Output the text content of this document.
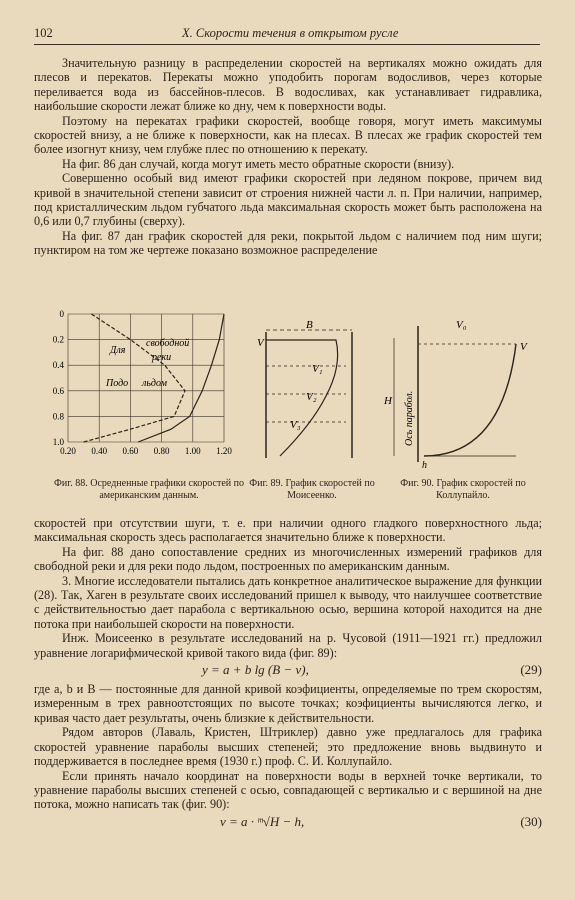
102	X. Скорости течения в открытом русле

Значительную разницу в распределении скоростей на вертикалях можно ожидать для плесов и перекатов. Перекаты можно уподобить порогам водосливов, через которые переливается вода из бассейнов-плесов. В водосливах, как устанавливает гидравлика, наибольшие скорости лежат ближе ко дну, чем к поверхности воды.

Поэтому на перекатах графики скоростей, вообще говоря, могут иметь максимумы скоростей внизу, а не ближе к поверхности, как на плесах. В плесах же график скоростей тем более изогнут книзу, чем глубже плес по отношению к перекату.

На фиг. 86 дан случай, когда могут иметь место обратные скорости (внизу).

Совершенно особый вид имеют графики скоростей при ледяном покрове, причем вид кривой в значительной степени зависит от строения нижней части л. п. При наличии, например, под кристаллическим льдом губчатого льда максимальная скорость может быть расположена на 0,6 или 0,7 глубины (сверху).

На фиг. 87 дан график скоростей для реки, покрытой льдом с наличием под ним шуги; пунктиром на том же чертеже показано возможное распределение

0
0.2
0.4
0.6
0.8
1.0
0.20 0.40 0.60 0.80 1.00 1.20
Для
свободной
реки
Подо льдом
Фиг. 88. Осредненные графики скоростей по американским данным.
B
V
V₁
V₂
V₃
Фиг. 89. График скоростей по Моисеенко.
V₀
V
H
h
Ось парабол.
Фиг. 90. График скоростей по Коллупайло.

скоростей при отсутствии шуги, т. е. при наличии одного гладкого поверхностного льда; максимальная скорость здесь располагается значительно ближе к поверхности.

На фиг. 88 дано сопоставление средних из многочисленных измерений графиков для свободной реки и для реки подо льдом, построенных по американским данным.

3. Многие исследователи пытались дать конкретное аналитическое выражение для функции (28). Так, Хаген в результате своих исследований пришел к выводу, что наилучшее соответствие с действительностью дает парабола с вертикальною осью, вершина которой находится на дне потока при наибольшей скорости на поверхности.

Инж. Моисеенко в результате исследований на р. Чусовой (1911—1921 гг.) предложил уравнение логарифмической кривой такого вида (фиг. 89):

y = a + b lg (B − v),	(29)

где a, b и B — постоянные для данной кривой коэфициенты, определяемые по трем скоростям, измеренным в трех равноотстоящих по высоте точках; коэфициенты вычисляются легко, и кривая часто дает результаты, очень близкие к действительности.

Рядом авторов (Лаваль, Кристен, Штриклер) давно уже предлагалось для графика скоростей уравнение параболы высших степеней; это предложение вновь выдвинуто и поддерживается в последнее время (1930 г.) проф. С. И. Коллупайло.

Если принять начало координат на поверхности воды в верхней точке вертикали, то уравнение параболы высших степеней с осью, совпадающей с вертикалью и с вершиной на дне потока, можно написать так (фиг. 90):

v = a · ᵐ√H − h,	(30)
